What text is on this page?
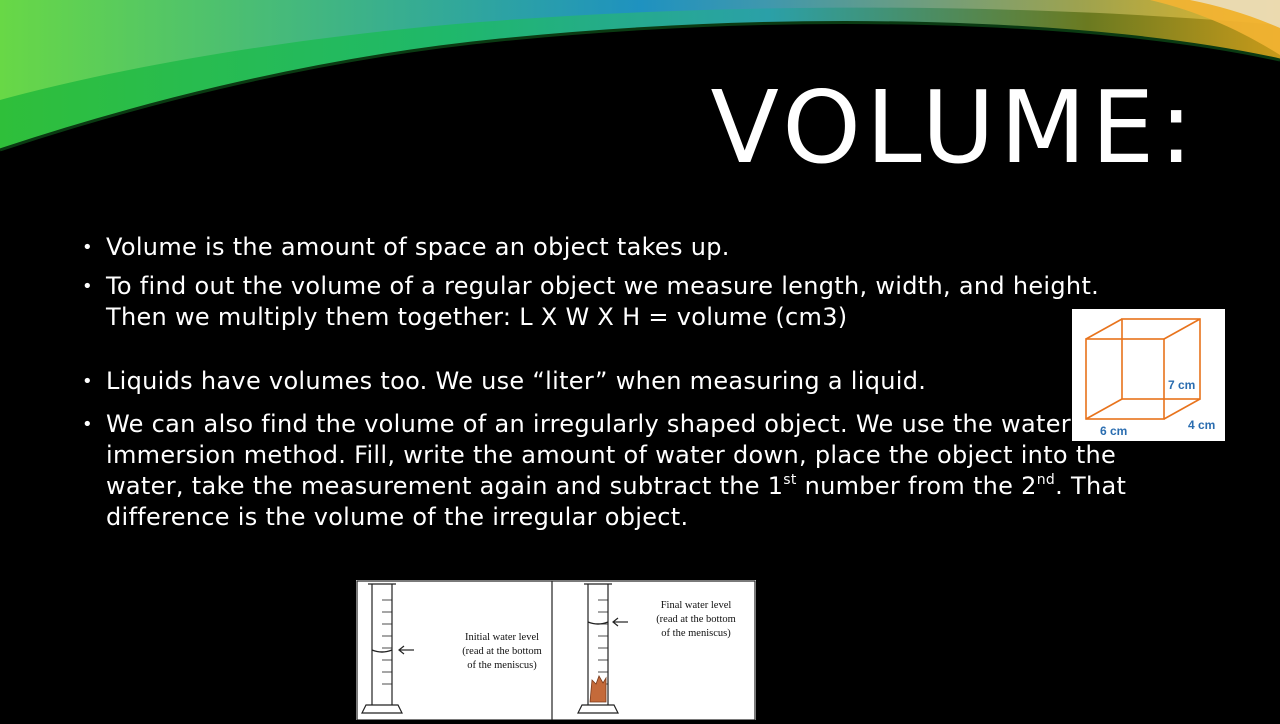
VOLUME:
• Volume is the amount of space an object takes up.
• To find out the volume of a regular object we measure length, width, and height. Then we multiply them together: L X W X H = volume (cm3)
• Liquids have volumes too. We use “liter” when measuring a liquid.
• We can also find the volume of an irregularly shaped object. We use the water immersion method. Fill, write the amount of water down, place the object into the water, take the measurement again and subtract the 1st number from the 2nd. That difference is the volume of the irregular object.
7 cm
6 cm	4 cm
Initial water level
(read at the bottom
of the meniscus)
Final water level
(read at the bottom
of the meniscus)
